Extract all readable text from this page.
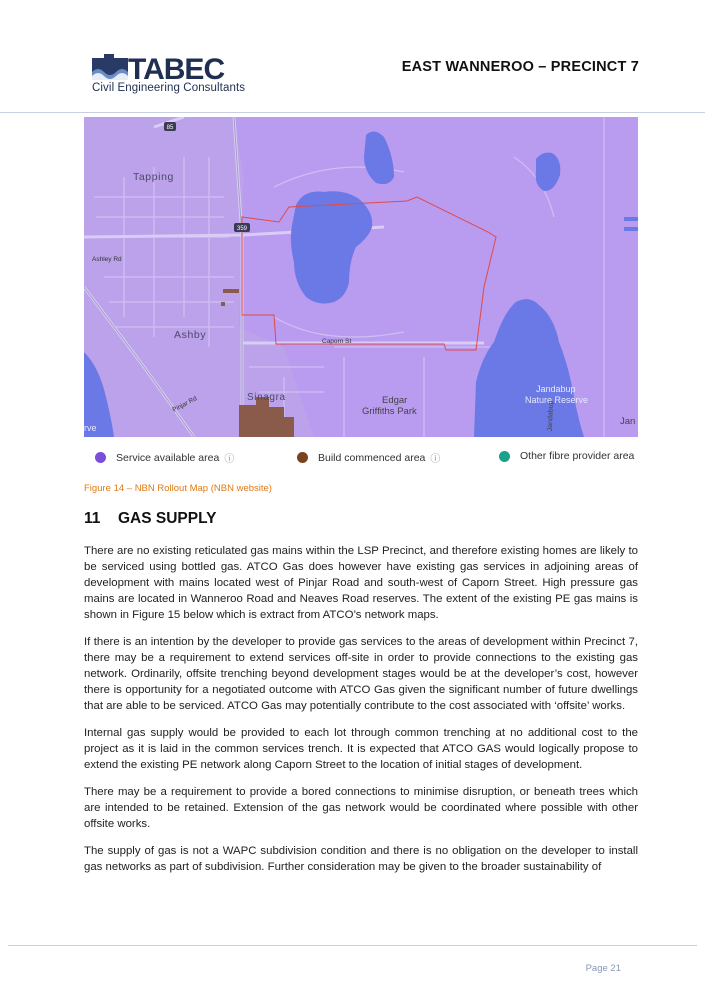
TABEC
Civil Engineering Consultants
EAST WANNEROO – PRECINCT 7
85
359
Tapping
Ashley Rd
Ashby
Sinagra
Caporn St
Pinjar Rd	Edgar
Griffiths Park
Jandabup
Nature Reserve
Jandabup	Jan
rve
Service available area ⓘ	Build commenced area ⓘ	Other fibre provider area
Figure 14 – NBN Rollout Map (NBN website)
11 GAS SUPPLY

There are no existing reticulated gas mains within the LSP Precinct, and therefore existing homes are likely to be serviced using bottled gas. ATCO Gas does however have existing gas services in adjoining areas of development with mains located west of Pinjar Road and south-west of Caporn Street. High pressure gas mains are located in Wanneroo Road and Neaves Road reserves. The extent of the existing PE gas mains is shown in Figure 15 below which is extract from ATCO’s network maps.

If there is an intention by the developer to provide gas services to the areas of development within Precinct 7, there may be a requirement to extend services off-site in order to provide connections to the existing gas network. Ordinarily, offsite trenching beyond development stages would be at the developer’s cost, however there is opportunity for a negotiated outcome with ATCO Gas given the significant number of future dwellings that are able to be serviced. ATCO Gas may potentially contribute to the cost associated with ‘offsite’ works.

Internal gas supply would be provided to each lot through common trenching at no additional cost to the project as it is laid in the common services trench. It is expected that ATCO GAS would logically propose to extend the existing PE network along Caporn Street to the location of initial stages of development.

There may be a requirement to provide a bored connections to minimise disruption, or beneath trees which are intended to be retained. Extension of the gas network would be coordinated where possible with other offsite works.

The supply of gas is not a WAPC subdivision condition and there is no obligation on the developer to install gas networks as part of subdivision. Further consideration may be given to the broader sustainability of

Page 21
